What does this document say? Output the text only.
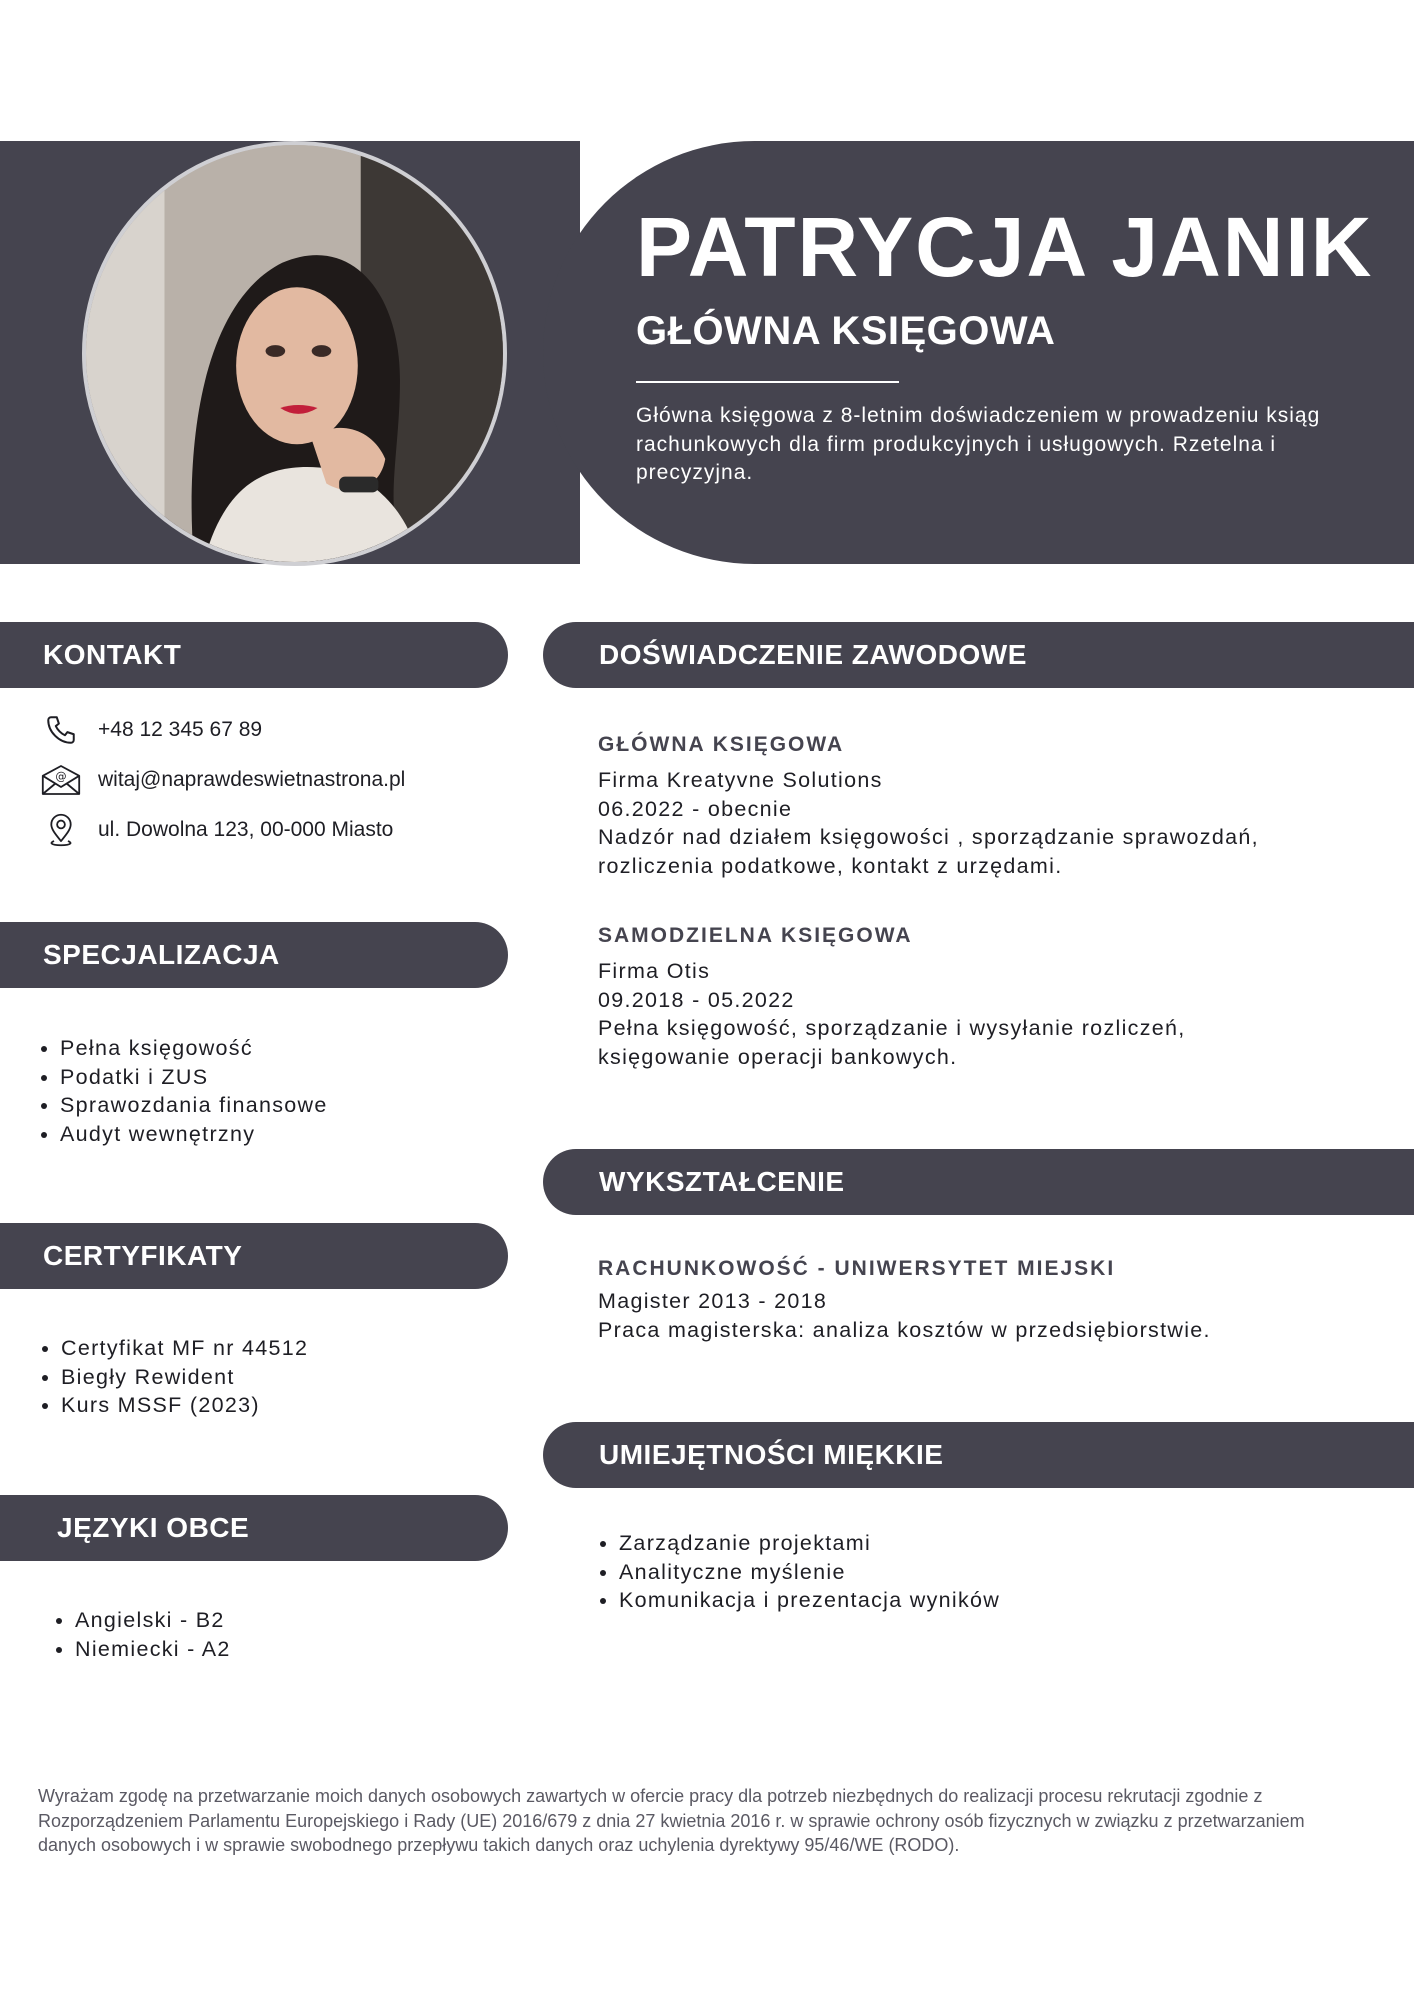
PATRYCJA JANIK
GŁÓWNA KSIĘGOWA
Główna księgowa z 8-letnim doświadczeniem w prowadzeniu ksiąg rachunkowych dla firm produkcyjnych i usługowych. Rzetelna i precyzyjna.
KONTAKT
+48 12 345 67 89
@ witaj@naprawdeswietnastrona.pl
ul. Dowolna 123, 00-000 Miasto
SPECJALIZACJA
• Pełna księgowość
• Podatki i ZUS
• Sprawozdania finansowe
• Audyt wewnętrzny
CERTYFIKATY
• Certyfikat MF nr 44512
• Biegły Rewident
• Kurs MSSF (2023)
JĘZYKI OBCE
• Angielski - B2
• Niemiecki - A2
DOŚWIADCZENIE ZAWODOWE
GŁÓWNA KSIĘGOWA
Firma Kreatyvne Solutions
06.2022 - obecnie
Nadzór nad działem księgowości , sporządzanie sprawozdań,
rozliczenia podatkowe, kontakt z urzędami.
SAMODZIELNA KSIĘGOWA
Firma Otis
09.2018 - 05.2022
Pełna księgowość, sporządzanie i wysyłanie rozliczeń,
księgowanie operacji bankowych.
WYKSZTAŁCENIE
RACHUNKOWOŚĆ - UNIWERSYTET MIEJSKI
Magister 2013 - 2018
Praca magisterska: analiza kosztów w przedsiębiorstwie.
UMIEJĘTNOŚCI MIĘKKIE
• Zarządzanie projektami
• Analityczne myślenie
• Komunikacja i prezentacja wyników
Wyrażam zgodę na przetwarzanie moich danych osobowych zawartych w ofercie pracy dla potrzeb niezbędnych do realizacji procesu rekrutacji zgodnie z Rozporządzeniem Parlamentu Europejskiego i Rady (UE) 2016/679 z dnia 27 kwietnia 2016 r. w sprawie ochrony osób fizycznych w związku z przetwarzaniem danych osobowych i w sprawie swobodnego przepływu takich danych oraz uchylenia dyrektywy 95/46/WE (RODO).
